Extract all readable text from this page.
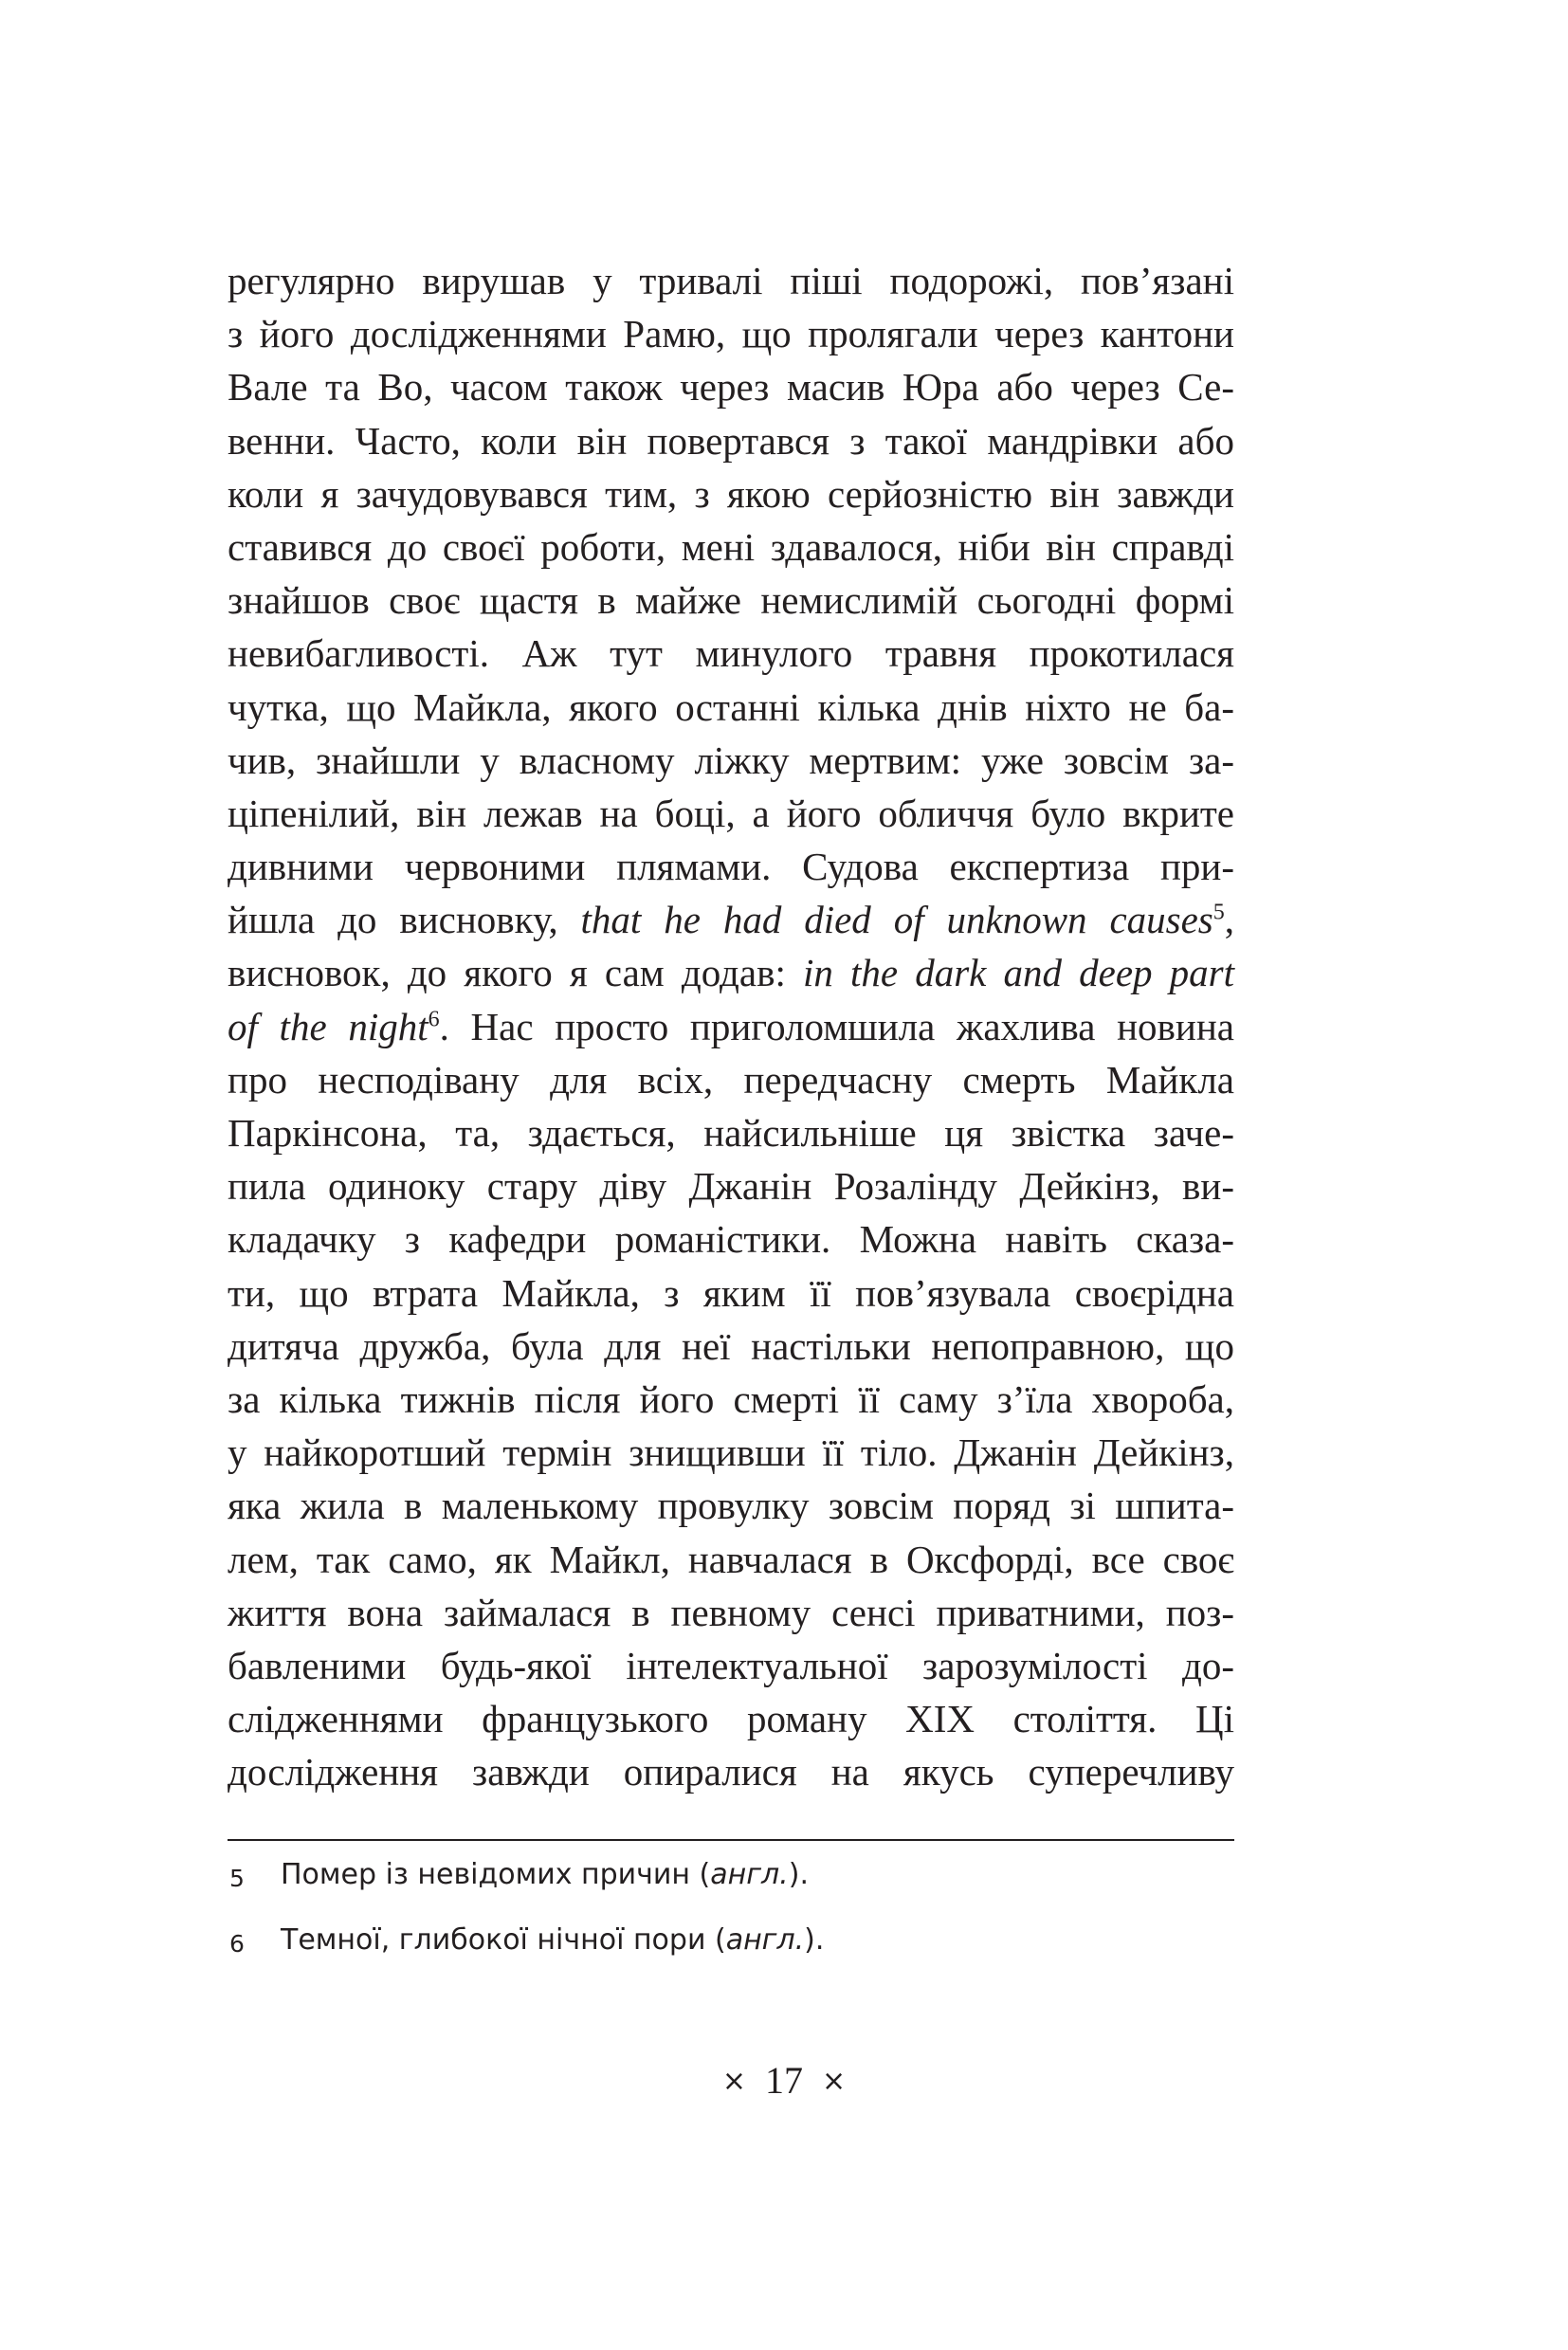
регулярно вирушав у тривалі піші подорожі, пов’язані
з його дослідженнями Рамю, що пролягали через кантони
Вале та Во, часом також через масив Юра або через Се-
венни. Часто, коли він повертався з такої мандрівки або
коли я зачудовувався тим, з якою серйозністю він завжди
ставився до своєї роботи, мені здавалося, ніби він справді
знайшов своє щастя в майже немислимій сьогодні формі
невибагливості. Аж тут минулого травня прокотилася
чутка, що Майкла, якого останні кілька днів ніхто не ба-
чив, знайшли у власному ліжку мертвим: уже зовсім за-
ціпенілий, він лежав на боці, а його обличчя було вкрите
дивними червоними плямами. Судова експертиза при-
йшла до висновку, that he had died of unknown causes$^5$,
висновок, до якого я сам додав: in the dark and deep part
of the night$^6$. Нас просто приголомшила жахлива новина
про несподівану для всіх, передчасну смерть Майкла
Паркінсона, та, здається, найсильніше ця звістка заче-
пила одиноку стару діву Джанін Розалінду Дейкінз, ви-
кладачку з кафедри романістики. Можна навіть сказа-
ти, що втрата Майкла, з яким її пов’язувала своєрідна
дитяча дружба, була для неї настільки непоправною, що
за кілька тижнів після його смерті її саму з’їла хвороба,
у найкоротший термін знищивши її тіло. Джанін Дейкінз,
яка жила в маленькому провулку зовсім поряд зі шпита-
лем, так само, як Майкл, навчалася в Оксфорді, все своє
життя вона займалася в певному сенсі приватними, поз-
бавленими будь-якої інтелектуальної зарозумілості до-
слідженнями французького роману XIX століття. Ці
дослідження завжди опиралися на якусь суперечливу
5 Помер із невідомих причин (англ.).
6 Темної, глибокої нічної пори (англ.).
× 17 ×
